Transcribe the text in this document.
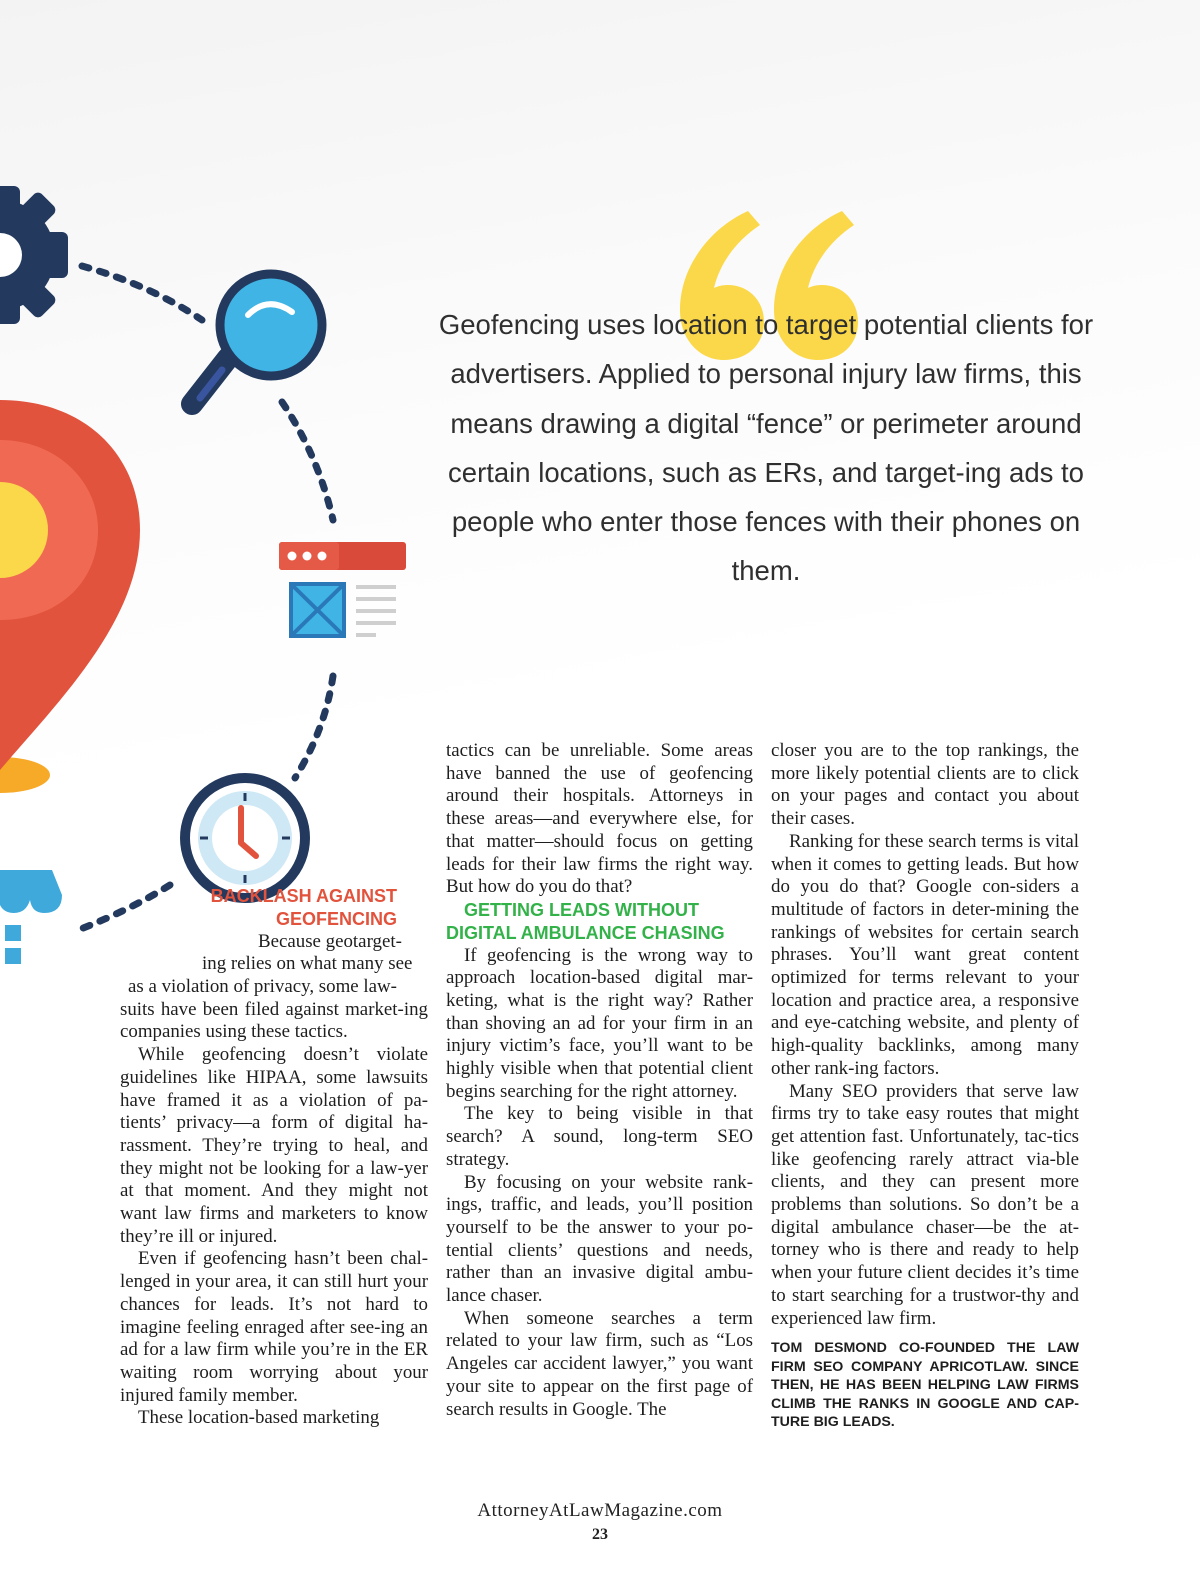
Geofencing uses location to target potential clients for advertisers. Applied to personal injury law firms, this means drawing a digital “fence” or perimeter around certain locations, such as ERs, and target-ing ads to people who enter those fences with their phones on them.

BACKLASH AGAINST GEOFENCING

Because geotarget-
ing relies on what many see
as a violation of privacy, some law-
suits have been filed against market-ing companies using these tactics.

While geofencing doesn’t violate guidelines like HIPAA, some lawsuits have framed it as a violation of pa-tients’ privacy—a form of digital ha-rassment. They’re trying to heal, and they might not be looking for a law-yer at that moment. And they might not want law firms and marketers to know they’re ill or injured.

Even if geofencing hasn’t been chal-lenged in your area, it can still hurt your chances for leads. It’s not hard to imagine feeling enraged after see-ing an ad for a law firm while you’re in the ER waiting room worrying about your injured family member.

These location-based marketing

tactics can be unreliable. Some areas have banned the use of geofencing around their hospitals. Attorneys in these areas—and everywhere else, for that matter—should focus on getting leads for their law firms the right way. But how do you do that?

GETTING LEADS WITHOUT DIGITAL AMBULANCE CHASING

If geofencing is the wrong way to approach location-based digital mar-keting, what is the right way? Rather than shoving an ad for your firm in an injury victim’s face, you’ll want to be highly visible when that potential client begins searching for the right attorney.

The key to being visible in that search? A sound, long-term SEO strategy.

By focusing on your website rank-ings, traffic, and leads, you’ll position yourself to be the answer to your po-tential clients’ questions and needs, rather than an invasive digital ambu-lance chaser.

When someone searches a term related to your law firm, such as “Los Angeles car accident lawyer,” you want your site to appear on the first page of search results in Google. The

closer you are to the top rankings, the more likely potential clients are to click on your pages and contact you about their cases.

Ranking for these search terms is vital when it comes to getting leads. But how do you do that? Google con-siders a multitude of factors in deter-mining the rankings of websites for certain search phrases. You’ll want great content optimized for terms relevant to your location and practice area, a responsive and eye-catching website, and plenty of high-quality backlinks, among many other rank-ing factors.

Many SEO providers that serve law firms try to take easy routes that might get attention fast. Unfortunately, tac-tics like geofencing rarely attract via-ble clients, and they can present more problems than solutions. So don’t be a digital ambulance chaser—be the at-torney who is there and ready to help when your future client decides it’s time to start searching for a trustwor-thy and experienced law firm.

TOM DESMOND CO-FOUNDED THE LAW FIRM SEO COMPANY APRICOTLAW. SINCE THEN, HE HAS BEEN HELPING LAW FIRMS CLIMB THE RANKS IN GOOGLE AND CAP-TURE BIG LEADS.

AttorneyAtLawMagazine.com
23
